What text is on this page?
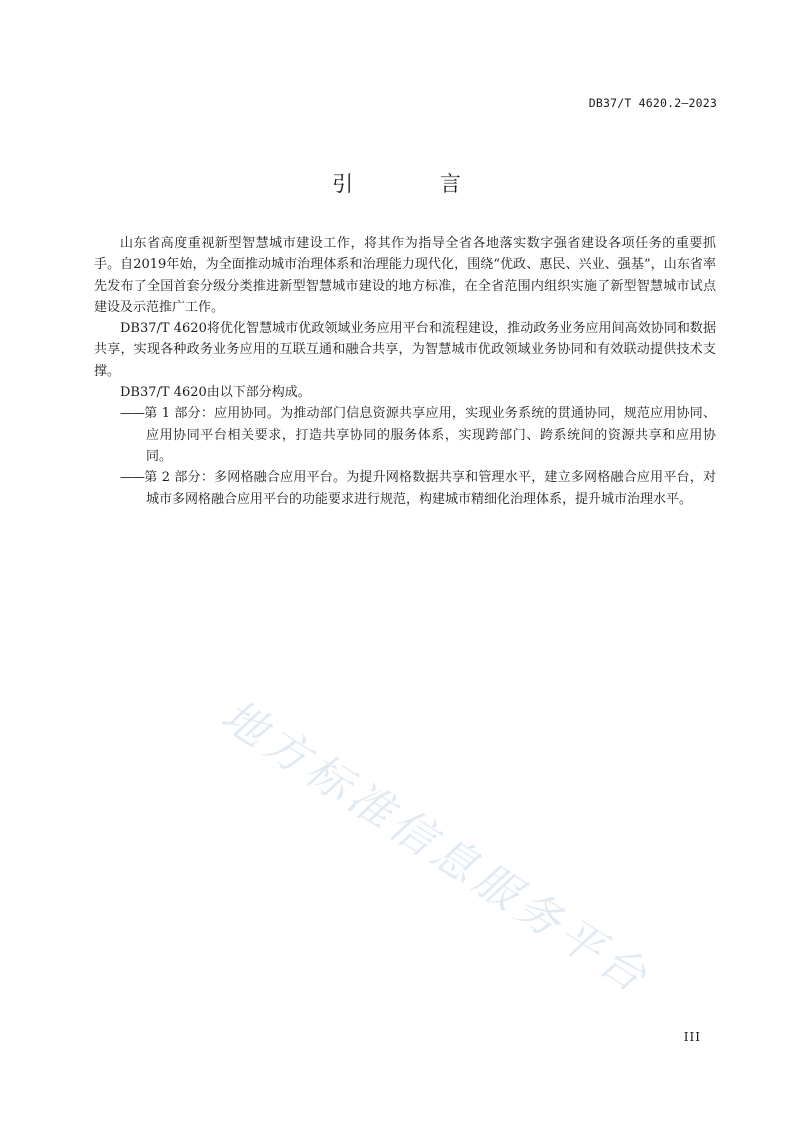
DB37/T 4620.2—2023
引 言

山东省高度重视新型智慧城市建设工作，将其作为指导全省各地落实数字强省建设各项任务的重要抓手。自2019年始，为全面推动城市治理体系和治理能力现代化，围绕“优政、惠民、兴业、强基”，山东省率先发布了全国首套分级分类推进新型智慧城市建设的地方标准，在全省范围内组织实施了新型智慧城市试点建设及示范推广工作。

DB37/T 4620将优化智慧城市优政领域业务应用平台和流程建设，推动政务业务应用间高效协同和数据共享，实现各种政务业务应用的互联互通和融合共享，为智慧城市优政领域业务协同和有效联动提供技术支撑。

DB37/T 4620由以下部分构成。

——第 1 部分：应用协同。为推动部门信息资源共享应用，实现业务系统的贯通协同，规范应用协同、应用协同平台相关要求，打造共享协同的服务体系，实现跨部门、跨系统间的资源共享和应用协同。

——第 2 部分：多网格融合应用平台。为提升网格数据共享和管理水平，建立多网格融合应用平台，对城市多网格融合应用平台的功能要求进行规范，构建城市精细化治理体系，提升城市治理水平。

地方标准信息服务平台
III
